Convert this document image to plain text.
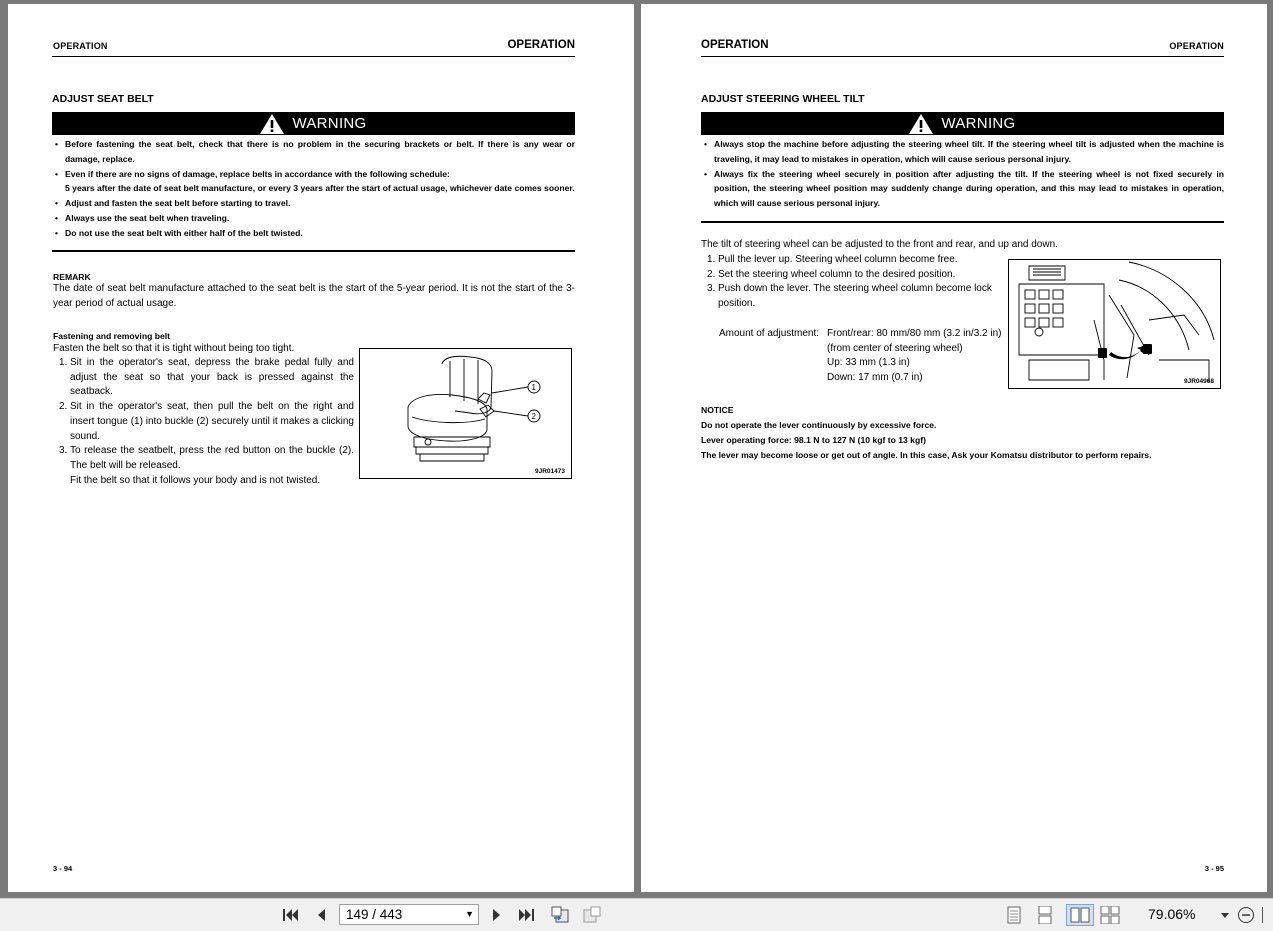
OPERATION	OPERATION
ADJUST SEAT BELT
WARNING
• Before fastening the seat belt, check that there is no problem in the securing brackets or belt. If there is any wear or damage, replace.
• Even if there are no signs of damage, replace belts in accordance with the following schedule:
5 years after the date of seat belt manufacture, or every 3 years after the start of actual usage, whichever date comes sooner.
• Adjust and fasten the seat belt before starting to travel.
• Always use the seat belt when traveling.
• Do not use the seat belt with either half of the belt twisted.
REMARK
The date of seat belt manufacture attached to the seat belt is the start of the 5-year period. It is not the start of the 3-year period of actual usage.
Fastening and removing belt
Fasten the belt so that it is tight without being too tight.
1. Sit in the operator's seat, depress the brake pedal fully and adjust the seat so that your back is pressed against the seatback.
2. Sit in the operator's seat, then pull the belt on the right and insert tongue (1) into buckle (2) securely until it makes a clicking sound.
3. To release the seatbelt, press the red button on the buckle (2). The belt will be released.
Fit the belt so that it follows your body and is not twisted.
1
2
9JR01473
3 - 94
OPERATION	OPERATION
ADJUST STEERING WHEEL TILT
WARNING
• Always stop the machine before adjusting the steering wheel tilt. If the steering wheel tilt is adjusted when the machine is traveling, it may lead to mistakes in operation, which will cause serious personal injury.
• Always fix the steering wheel securely in position after adjusting the tilt. If the steering wheel is not fixed securely in position, the steering wheel position may suddenly change during operation, and this may lead to mistakes in operation, which will cause serious personal injury.
The tilt of steering wheel can be adjusted to the front and rear, and up and down.
1. Pull the lever up. Steering wheel column become free.
2. Set the steering wheel column to the desired position.
3. Push down the lever. The steering wheel column become lock position.
Amount of adjustment: Front/rear: 80 mm/80 mm (3.2 in/3.2 in)
(from center of steering wheel)
Up: 33 mm (1.3 in)
Down: 17 mm (0.7 in)
NOTICE
Do not operate the lever continuously by excessive force.
Lever operating force: 98.1 N to 127 N (10 kgf to 13 kgf)
The lever may become loose or get out of angle. In this case, Ask your Komatsu distributor to perform repairs.
9JR04968
3 - 95
149 / 443	▼	79.06%
